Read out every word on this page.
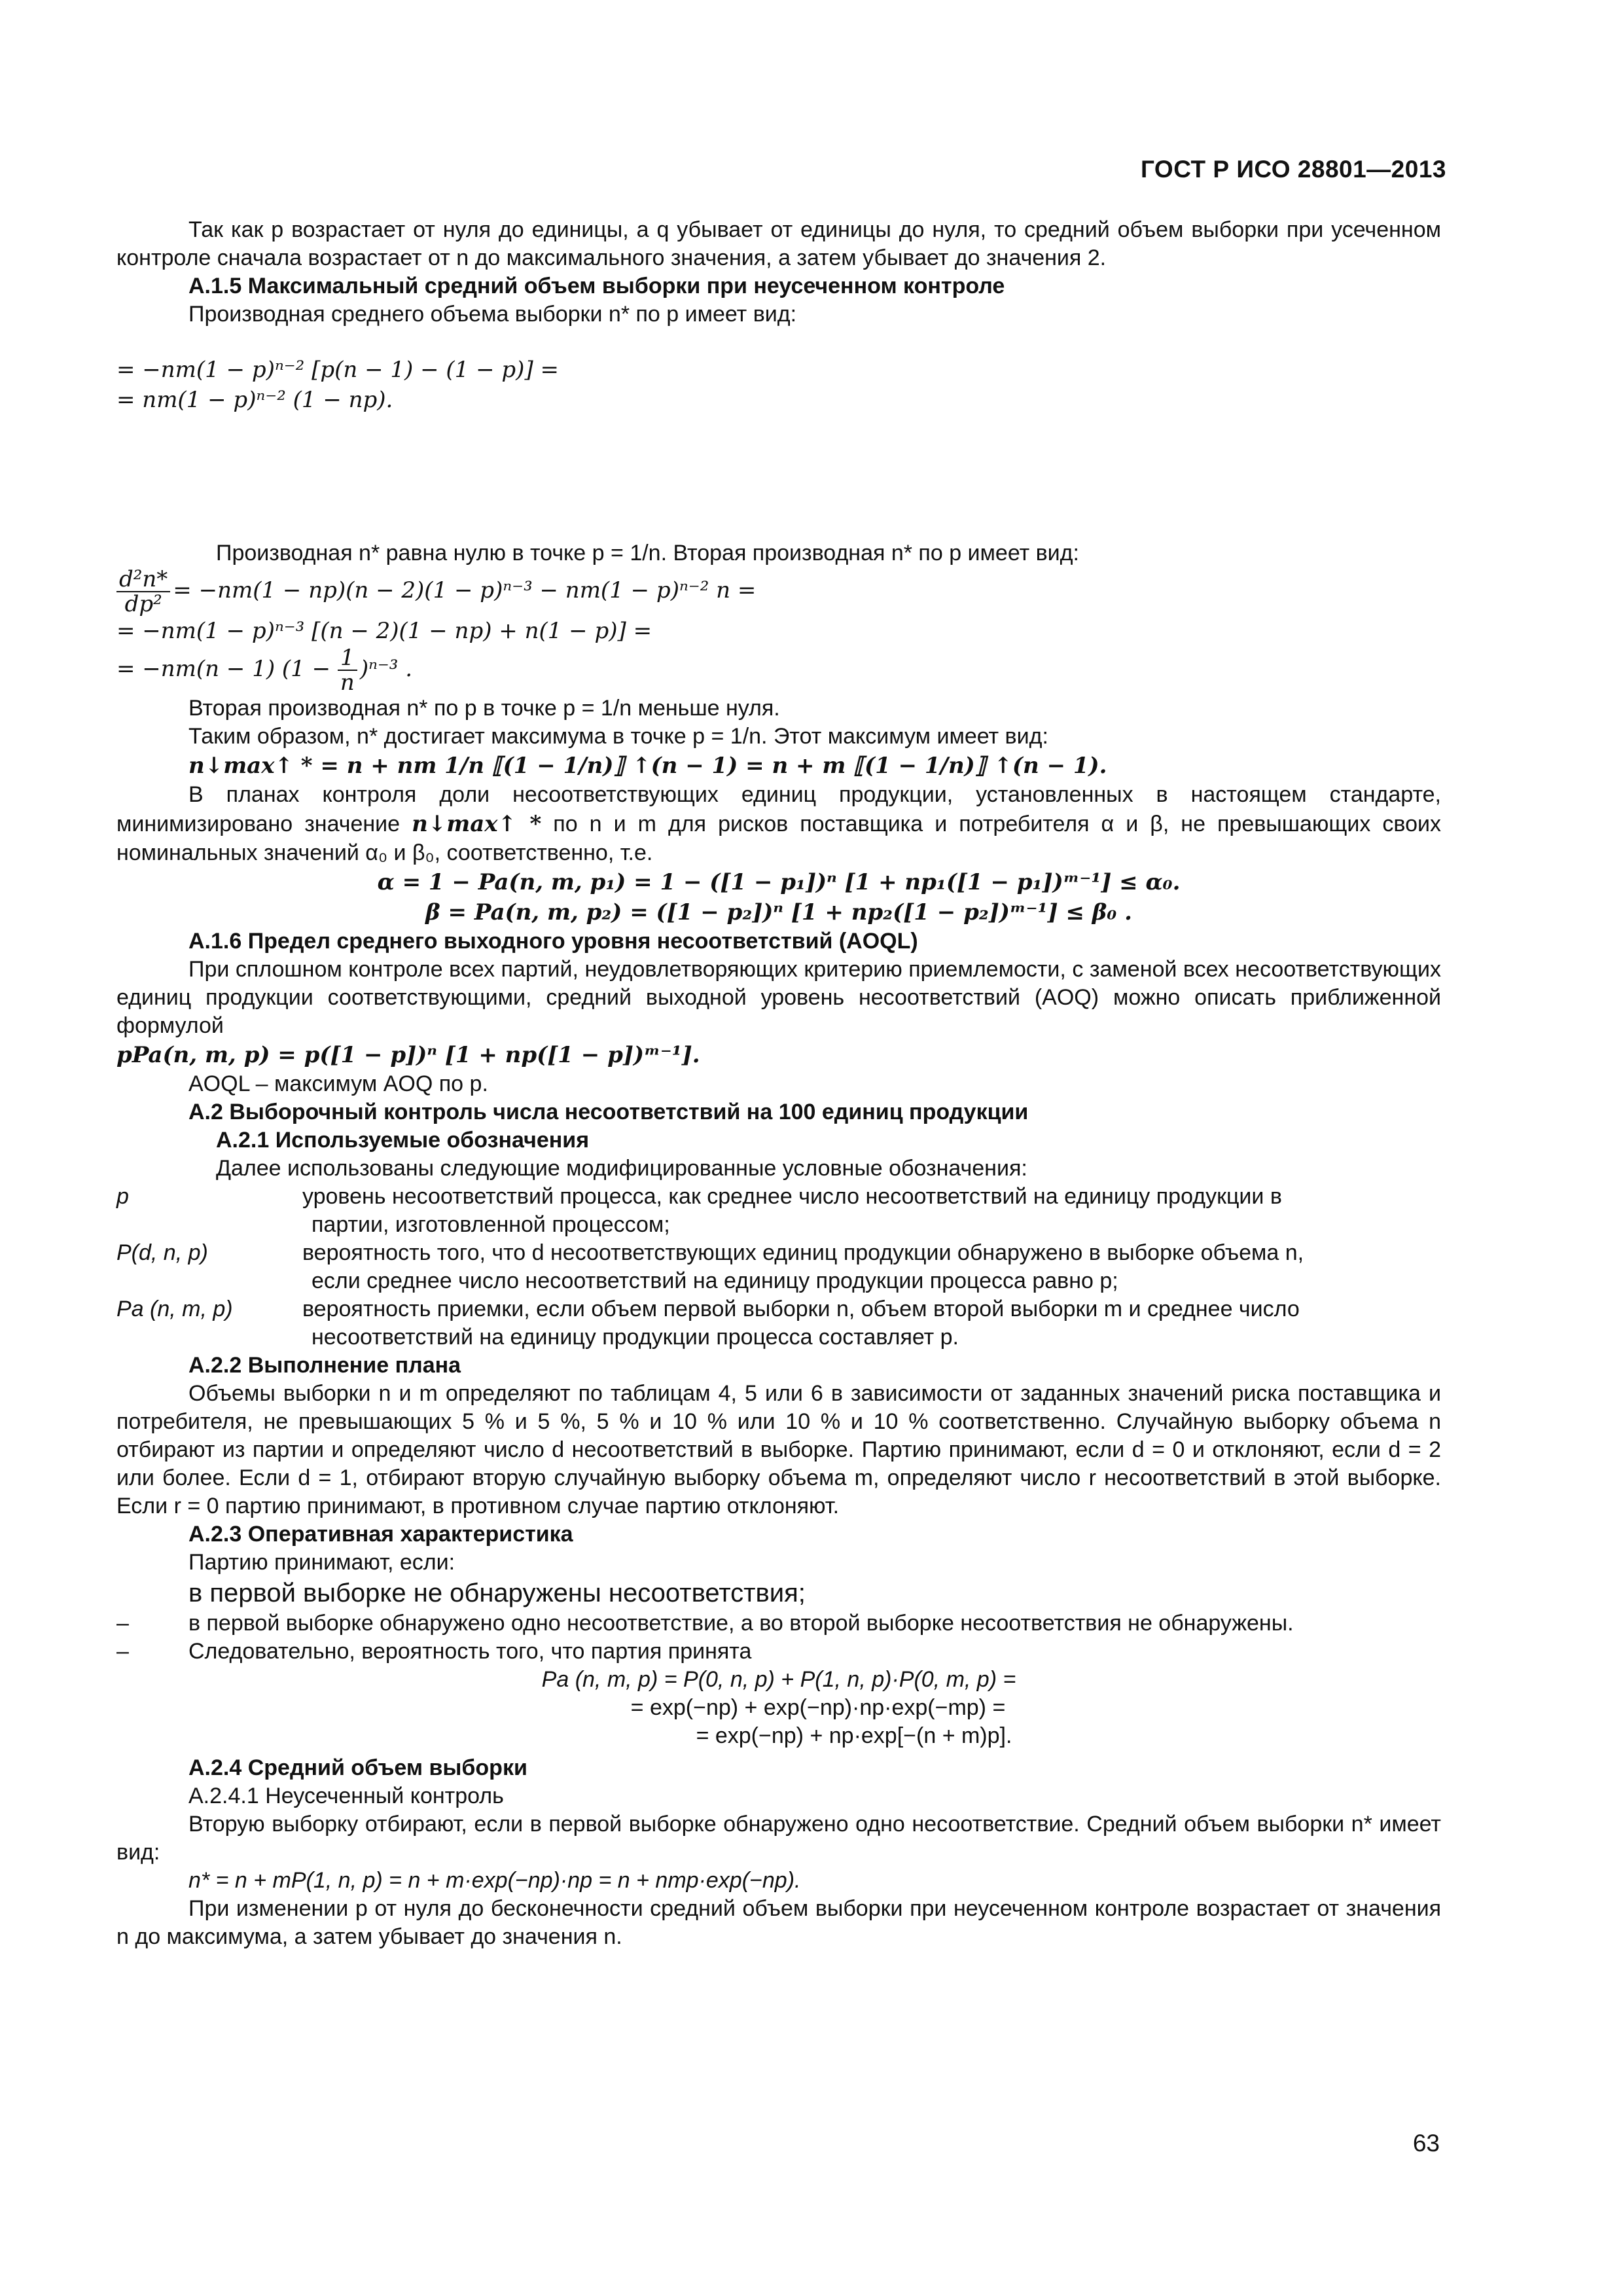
ГОСТ Р ИСО 28801—2013

Так как p возрастает от нуля до единицы, а q убывает от единицы до нуля, то средний объем выборки при усеченном контроле сначала возрастает от n до максимального значения, а затем убывает до значения 2.

А.1.5 Максимальный средний объем выборки при неусеченном контроле

Производная среднего объема выборки n* по p имеет вид:

= −nm(1 − p)ⁿ⁻² [p(n − 1) − (1 − p)] =

= nm(1 − p)ⁿ⁻² (1 − np).

Производная n* равна нулю в точке p = 1/n. Вторая производная n* по p имеет вид:

$\frac{\text{d²n*}}{\text{dp²}} = -nm(1 - np)(n - 2)(1 - p)^{n-3} - nm(1 - p)^{n-2}$ n =

= −nm(1 − p)ⁿ⁻³ [(n − 2)(1 − np) + n(1 − p)] =

= −nm(n − 1) $(1 - \frac{1}{n} )^{n-3}$ .

Вторая производная n* по p в точке p = 1/n меньше нуля.

Таким образом, n* достигает максимума в точке p = 1/n. Этот максимум имеет вид:

n↓max↑ * = n + nm 1/n ⟦(1 − 1/n)⟧ ↑(n − 1) = n + m ⟦(1 − 1/n)⟧ ↑(n − 1).

В планах контроля доли несоответствующих единиц продукции, установленных в настоящем стандарте, минимизировано значение n↓max↑ * по n и m для рисков поставщика и потребителя α и β, не превышающих своих номинальных значений α₀ и β₀, соответственно, т.е.

α = 1 − Pa(n, m, p₁) = 1 − ([1 − p₁])ⁿ [1 + np₁([1 − p₁])ᵐ⁻¹] ≤ α₀.

β = Pa(n, m, p₂) = ([1 − p₂])ⁿ [1 + np₂([1 − p₂])ᵐ⁻¹] ≤ β₀ .

А.1.6 Предел среднего выходного уровня несоответствий (AOQL)

При сплошном контроле всех партий, неудовлетворяющих критерию приемлемости, с заменой всех несоответствующих единиц продукции соответствующими, средний выходной уровень несоответствий (AOQ) можно описать приближенной формулой

pPa(n, m, p) = p([1 − p])ⁿ [1 + np([1 − p])ᵐ⁻¹].

AOQL – максимум AOQ по p.

А.2 Выборочный контроль числа несоответствий на 100 единиц продукции

А.2.1 Используемые обозначения

Далее использованы следующие модифицированные условные обозначения:

p	уровень несоответствий процесса, как среднее число несоответствий на единицу продукции в
партии, изготовленной процессом;

P(d, n, p)	вероятность того, что d несоответствующих единиц продукции обнаружено в выборке объема n,
если среднее число несоответствий на единицу продукции процесса равно p;

Pa (n, m, p)	вероятность приемки, если объем первой выборки n, объем второй выборки m и среднее число
несоответствий на единицу продукции процесса составляет p.

А.2.2 Выполнение плана

Объемы выборки n и m определяют по таблицам 4, 5 или 6 в зависимости от заданных значений риска поставщика и потребителя, не превышающих 5 % и 5 %, 5 % и 10 % или 10 % и 10 % соответственно. Случайную выборку объема n отбирают из партии и определяют число d несоответствий в выборке. Партию принимают, если d = 0 и отклоняют, если d = 2 или более. Если d = 1, отбирают вторую случайную выборку объема m, определяют число r несоответствий в этой выборке. Если r = 0 партию принимают, в противном случае партию отклоняют.

А.2.3 Оперативная характеристика

Партию принимают, если:

в первой выборке не обнаружены несоответствия;

–	в первой выборке обнаружено одно несоответствие, а во второй выборке несоответствия не обнаружены.

–	Следовательно, вероятность того, что партия принята

Pa (n, m, p) = P(0, n, p) + P(1, n, p)·P(0, m, p) =

= exp(−np) + exp(−np)·np·exp(−mp) =

= exp(−np) + np·exp[−(n + m)p].

А.2.4 Средний объем выборки

А.2.4.1 Неусеченный контроль

Вторую выборку отбирают, если в первой выборке обнаружено одно несоответствие. Средний объем выборки n* имеет вид:

n* = n + mP(1, n, p) = n + m·exp(−np)·np = n + nmp·exp(−np).

При изменении p от нуля до бесконечности средний объем выборки при неусеченном контроле возрастает от значения n до максимума, а затем убывает до значения n.

63
